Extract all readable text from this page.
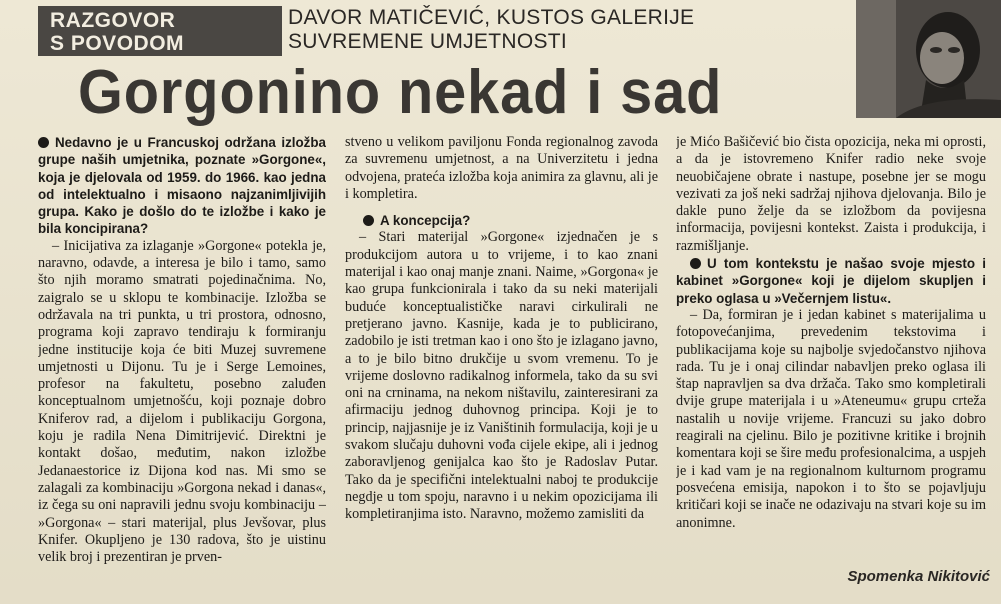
RAZGOVOR
S POVODOM
DAVOR MATIČEVIĆ, KUSTOS GALERIJE SUVREMENE UMJETNOSTI
Gorgonino nekad i sad

Nedavno je u Francuskoj održana izložba grupe naših umjetnika, poznate »Gorgone«, koja je djelovala od 1959. do 1966. kao jedna od intelektualno i misaono najzanimljivijih grupa. Kako je došlo do te izložbe i kako je bila koncipirana?

– Inicijativa za izlaganje »Gorgone« potekla je, naravno, odavde, a interesa je bilo i tamo, samo što njih moramo smatrati pojedinačnima. No, zaigralo se u sklopu te kombinacije. Izložba se održavala na tri punkta, u tri prostora, odnosno, programa koji zapravo tendiraju k formiranju jedne institucije koja će biti Muzej suvremene umjetnosti u Dijonu. Tu je i Serge Lemoines, profesor na fakultetu, posebno zaluđen konceptualnom umjetnošću, koji poznaje dobro Kniferov rad, a dijelom i publikaciju Gorgona, koju je radila Nena Dimitrijević. Direktni je kontakt došao, međutim, nakon izložbe Jedanaestorice iz Dijona kod nas. Mi smo se zalagali za kombinaciju »Gorgona nekad i danas«, iz čega su oni napravili jednu svoju kombinaciju – »Gorgona« – stari materijal, plus Jevšovar, plus Knifer. Okupljeno je 130 radova, što je uistinu velik broj i prezentiran je prven-

stveno u velikom paviljonu Fonda regionalnog zavoda za suvremenu umjetnost, a na Univerzitetu i jedna odvojena, prateća izložba koja animira za glavnu, ali je i kompletira.

A koncepcija?

– Stari materijal »Gorgone« izjednačen je s produkcijom autora u to vrijeme, i to kao znani materijal i kao onaj manje znani. Naime, »Gorgona« je kao grupa funkcionirala i tako da su neki materijali buduće konceptualističke naravi cirkulirali ne pretjerano javno. Kasnije, kada je to publicirano, zadobilo je isti tretman kao i ono što je izlagano javno, a to je bilo bitno drukčije u svom vremenu. To je vrijeme doslovno radikalnog informela, tako da su svi oni na crninama, na nekom ništavilu, zainteresirani za afirmaciju jednog duhovnog principa. Koji je to princip, najjasnije je iz Vaništinih formulacija, koji je u svakom slučaju duhovni vođa cijele ekipe, ali i jednog zaboravljenog genijalca kao što je Radoslav Putar. Tako da je specifični intelektualni naboj te produkcije negdje u tom spoju, naravno i u nekim opozicijama ili kompletiranjima isto. Naravno, možemo zamisliti da

je Mićo Bašičević bio čista opozicija, neka mi oprosti, a da je istovremeno Knifer radio neke svoje neuobičajene obrate i nastupe, posebne jer se mogu vezivati za još neki sadržaj njihova djelovanja. Bilo je dakle puno želje da se izložbom da povijesna informacija, povijesni kontekst. Zaista i produkcija, i razmišljanje.

U tom kontekstu je našao svoje mjesto i kabinet »Gorgone« koji je dijelom skupljen i preko oglasa u »Večernjem listu«.

– Da, formiran je i jedan kabinet s materijalima u fotopovećanjima, prevedenim tekstovima i publikacijama koje su najbolje svjedočanstvo njihova rada. Tu je i onaj cilindar nabavljen preko oglasa ili štap napravljen sa dva držača. Tako smo kompletirali dvije grupe materijala i u »Ateneumu« grupu crteža nastalih u novije vrijeme. Francuzi su jako dobro reagirali na cjelinu. Bilo je pozitivne kritike i brojnih komentara koji se šire među profesionalcima, a uspjeh je i kad vam je na regionalnom kulturnom programu posvećena emisija, napokon i to što se pojavljuju kritičari koji se inače ne odazivaju na stvari koje su im anonimne.

Spomenka Nikitović
